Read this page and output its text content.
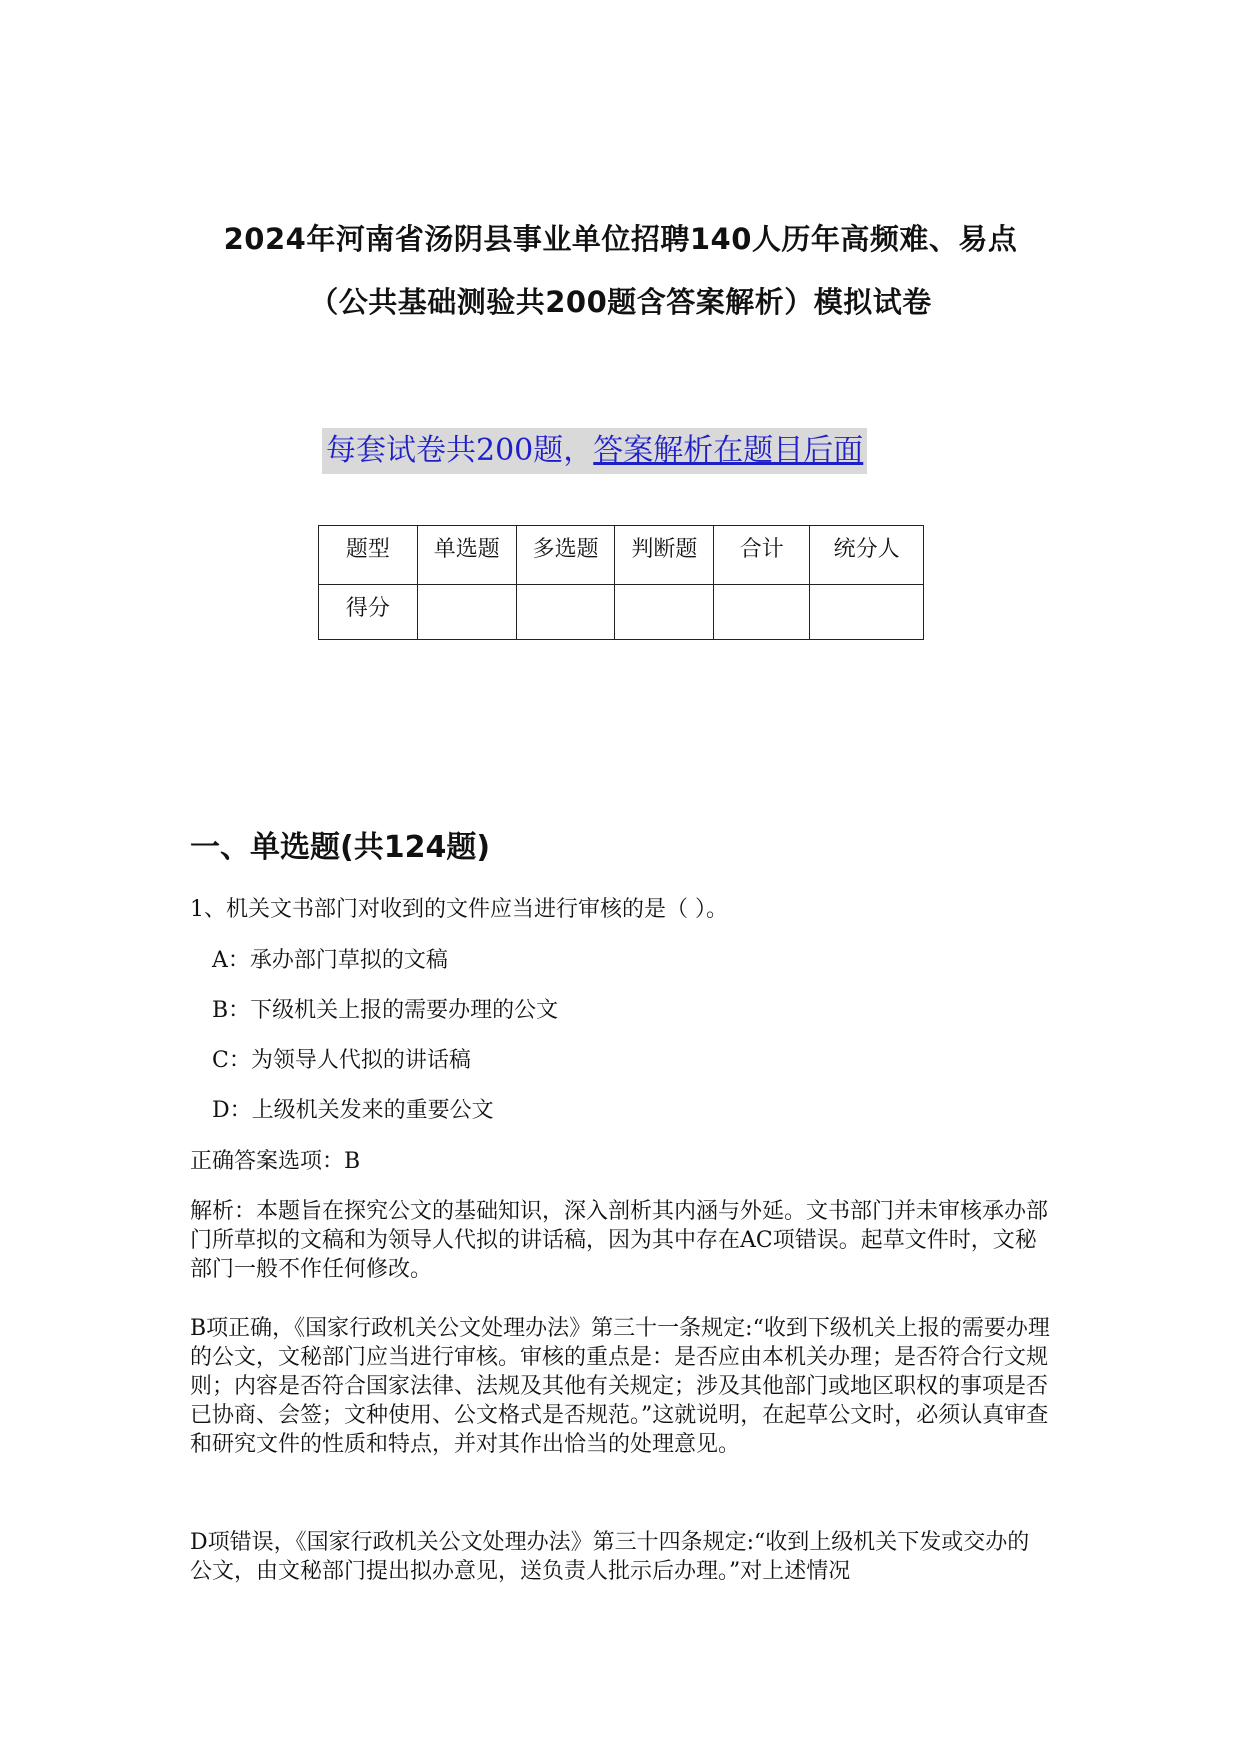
2024年河南省汤阴县事业单位招聘140人历年高频难、易点
（公共基础测验共200题含答案解析）模拟试卷
每套试卷共200题，答案解析在题目后面
题型	单选题	多选题	判断题	合计	统分人
得分					
一、单选题(共124题)

1、机关文书部门对收到的文件应当进行审核的是（ ）。

A：承办部门草拟的文稿

B：下级机关上报的需要办理的公文

C：为领导人代拟的讲话稿

D：上级机关发来的重要公文

正确答案选项：B

解析：本题旨在探究公文的基础知识，深入剖析其内涵与外延。文书部门并未审核承办部门所草拟的文稿和为领导人代拟的讲话稿，因为其中存在AC项错误。起草文件时，文秘部门一般不作任何修改。

B项正确，《国家行政机关公文处理办法》第三十一条规定:“收到下级机关上报的需要办理的公文，文秘部门应当进行审核。审核的重点是：是否应由本机关办理；是否符合行文规则；内容是否符合国家法律、法规及其他有关规定；涉及其他部门或地区职权的事项是否已协商、会签；文种使用、公文格式是否规范。”这就说明，在起草公文时，必须认真审查和研究文件的性质和特点，并对其作出恰当的处理意见。

D项错误，《国家行政机关公文处理办法》第三十四条规定:“收到上级机关下发或交办的公文，由文秘部门提出拟办意见，送负责人批示后办理。”对上述情况
